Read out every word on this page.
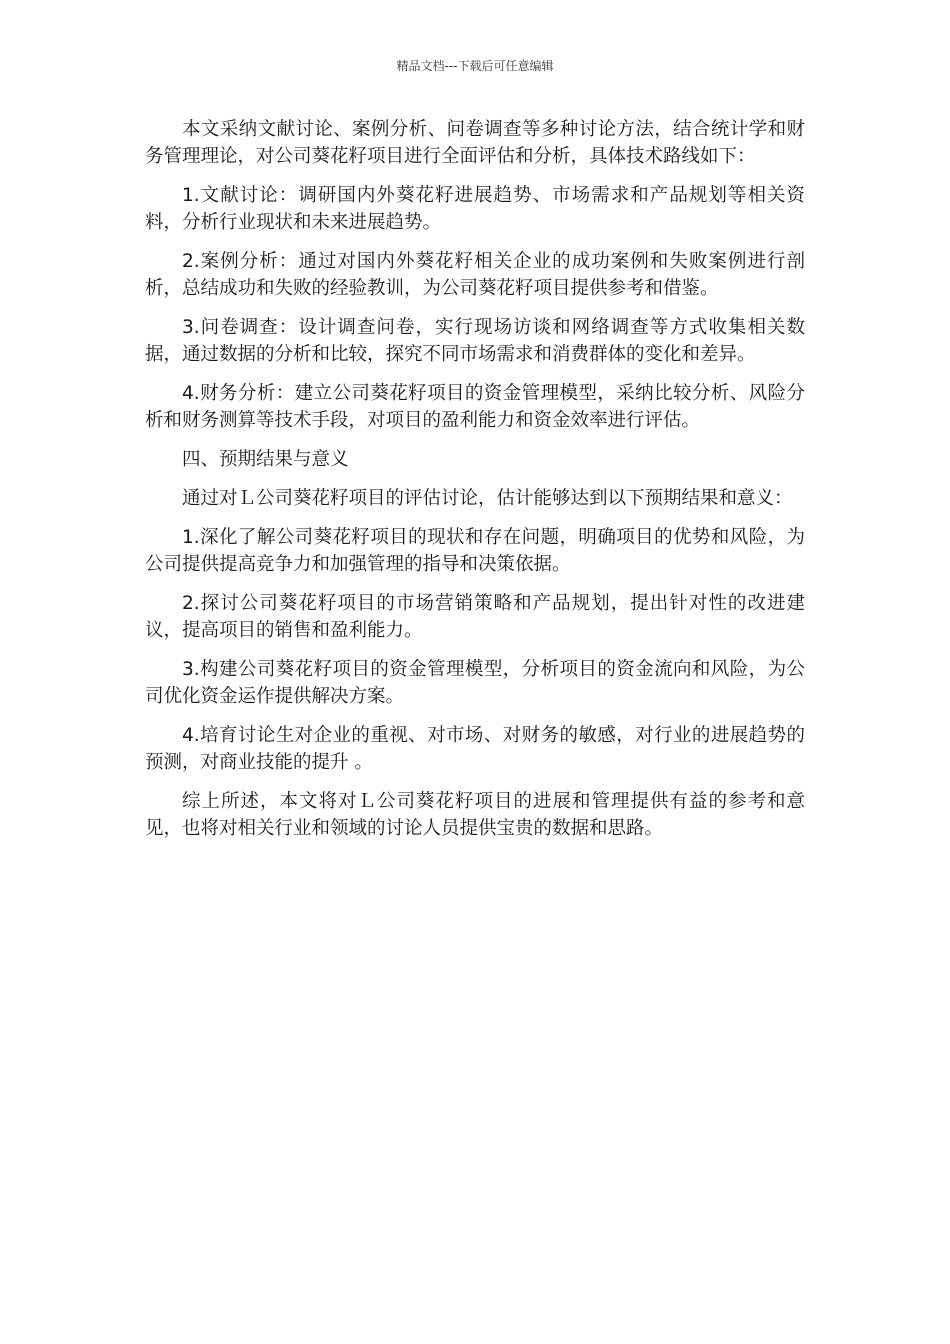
精品文档---下载后可任意编辑

本文采纳文献讨论、案例分析、问卷调查等多种讨论方法，结合统计学和财务管理理论，对公司葵花籽项目进行全面评估和分析，具体技术路线如下：

1.文献讨论：调研国内外葵花籽进展趋势、市场需求和产品规划等相关资料，分析行业现状和未来进展趋势。

2.案例分析：通过对国内外葵花籽相关企业的成功案例和失败案例进行剖析，总结成功和失败的经验教训，为公司葵花籽项目提供参考和借鉴。

3.问卷调查：设计调查问卷，实行现场访谈和网络调查等方式收集相关数据，通过数据的分析和比较，探究不同市场需求和消费群体的变化和差异。

4.财务分析：建立公司葵花籽项目的资金管理模型，采纳比较分析、风险分析和财务测算等技术手段，对项目的盈利能力和资金效率进行评估。

四、预期结果与意义

通过对Ｌ公司葵花籽项目的评估讨论，估计能够达到以下预期结果和意义：

1.深化了解公司葵花籽项目的现状和存在问题，明确项目的优势和风险，为公司提供提高竞争力和加强管理的指导和决策依据。

2.探讨公司葵花籽项目的市场营销策略和产品规划，提出针对性的改进建议，提高项目的销售和盈利能力。

3.构建公司葵花籽项目的资金管理模型，分析项目的资金流向和风险，为公司优化资金运作提供解决方案。

4.培育讨论生对企业的重视、对市场、对财务的敏感，对行业的进展趋势的预测，对商业技能的提升 。

综上所述，本文将对Ｌ公司葵花籽项目的进展和管理提供有益的参考和意见，也将对相关行业和领域的讨论人员提供宝贵的数据和思路。
